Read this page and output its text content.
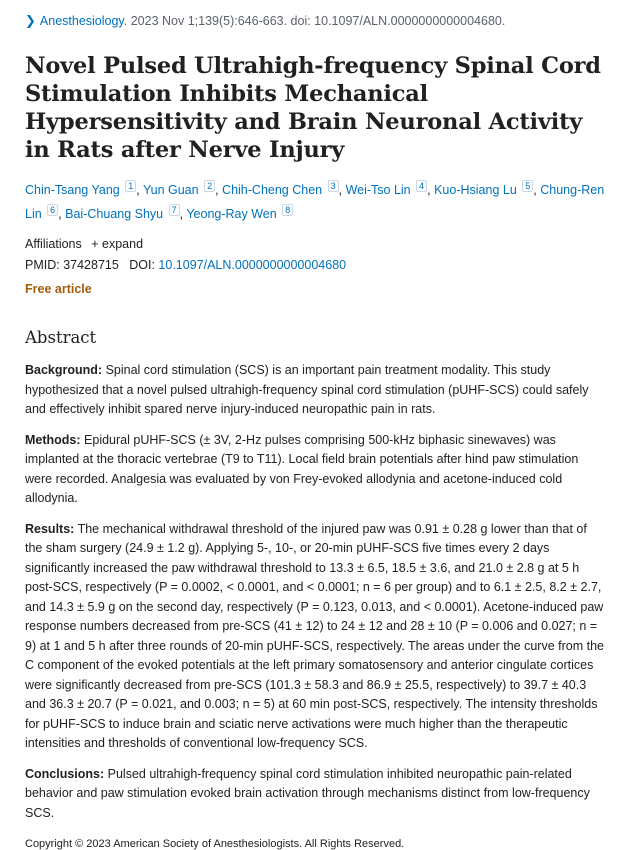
❯ Anesthesiology. 2023 Nov 1;139(5):646-663. doi: 10.1097/ALN.0000000000004680.
Novel Pulsed Ultrahigh-frequency Spinal Cord Stimulation Inhibits Mechanical Hypersensitivity and Brain Neuronal Activity in Rats after Nerve Injury
Chin-Tsang Yang $^1$ , Yun Guan $^2$ , Chih-Cheng Chen $^3$ , Wei-Tso Lin $^4$ , Kuo-Hsiang Lu $^5$ , Chung-Ren Lin $^6$ , Bai-Chuang Shyu $^7$ , Yeong-Ray Wen $^8$
Affiliations + expand
PMID: 37428715 DOI: 10.1097/ALN.0000000000004680
Free article
Abstract

Background: Spinal cord stimulation (SCS) is an important pain treatment modality. This study hypothesized that a novel pulsed ultrahigh-frequency spinal cord stimulation (pUHF-SCS) could safely and effectively inhibit spared nerve injury-induced neuropathic pain in rats.

Methods: Epidural pUHF-SCS (± 3V, 2-Hz pulses comprising 500-kHz biphasic sinewaves) was implanted at the thoracic vertebrae (T9 to T11). Local field brain potentials after hind paw stimulation were recorded. Analgesia was evaluated by von Frey-evoked allodynia and acetone-induced cold allodynia.

Results: The mechanical withdrawal threshold of the injured paw was 0.91 ± 0.28 g lower than that of the sham surgery (24.9 ± 1.2 g). Applying 5-, 10-, or 20-min pUHF-SCS five times every 2 days significantly increased the paw withdrawal threshold to 13.3 ± 6.5, 18.5 ± 3.6, and 21.0 ± 2.8 g at 5 h post-SCS, respectively (P = 0.0002, < 0.0001, and < 0.0001; n = 6 per group) and to 6.1 ± 2.5, 8.2 ± 2.7, and 14.3 ± 5.9 g on the second day, respectively (P = 0.123, 0.013, and < 0.0001). Acetone-induced paw response numbers decreased from pre-SCS (41 ± 12) to 24 ± 12 and 28 ± 10 (P = 0.006 and 0.027; n = 9) at 1 and 5 h after three rounds of 20-min pUHF-SCS, respectively. The areas under the curve from the C component of the evoked potentials at the left primary somatosensory and anterior cingulate cortices were significantly decreased from pre-SCS (101.3 ± 58.3 and 86.9 ± 25.5, respectively) to 39.7 ± 40.3 and 36.3 ± 20.7 (P = 0.021, and 0.003; n = 5) at 60 min post-SCS, respectively. The intensity thresholds for pUHF-SCS to induce brain and sciatic nerve activations were much higher than the therapeutic intensities and thresholds of conventional low-frequency SCS.

Conclusions: Pulsed ultrahigh-frequency spinal cord stimulation inhibited neuropathic pain-related behavior and paw stimulation evoked brain activation through mechanisms distinct from low-frequency SCS.

Copyright © 2023 American Society of Anesthesiologists. All Rights Reserved.
